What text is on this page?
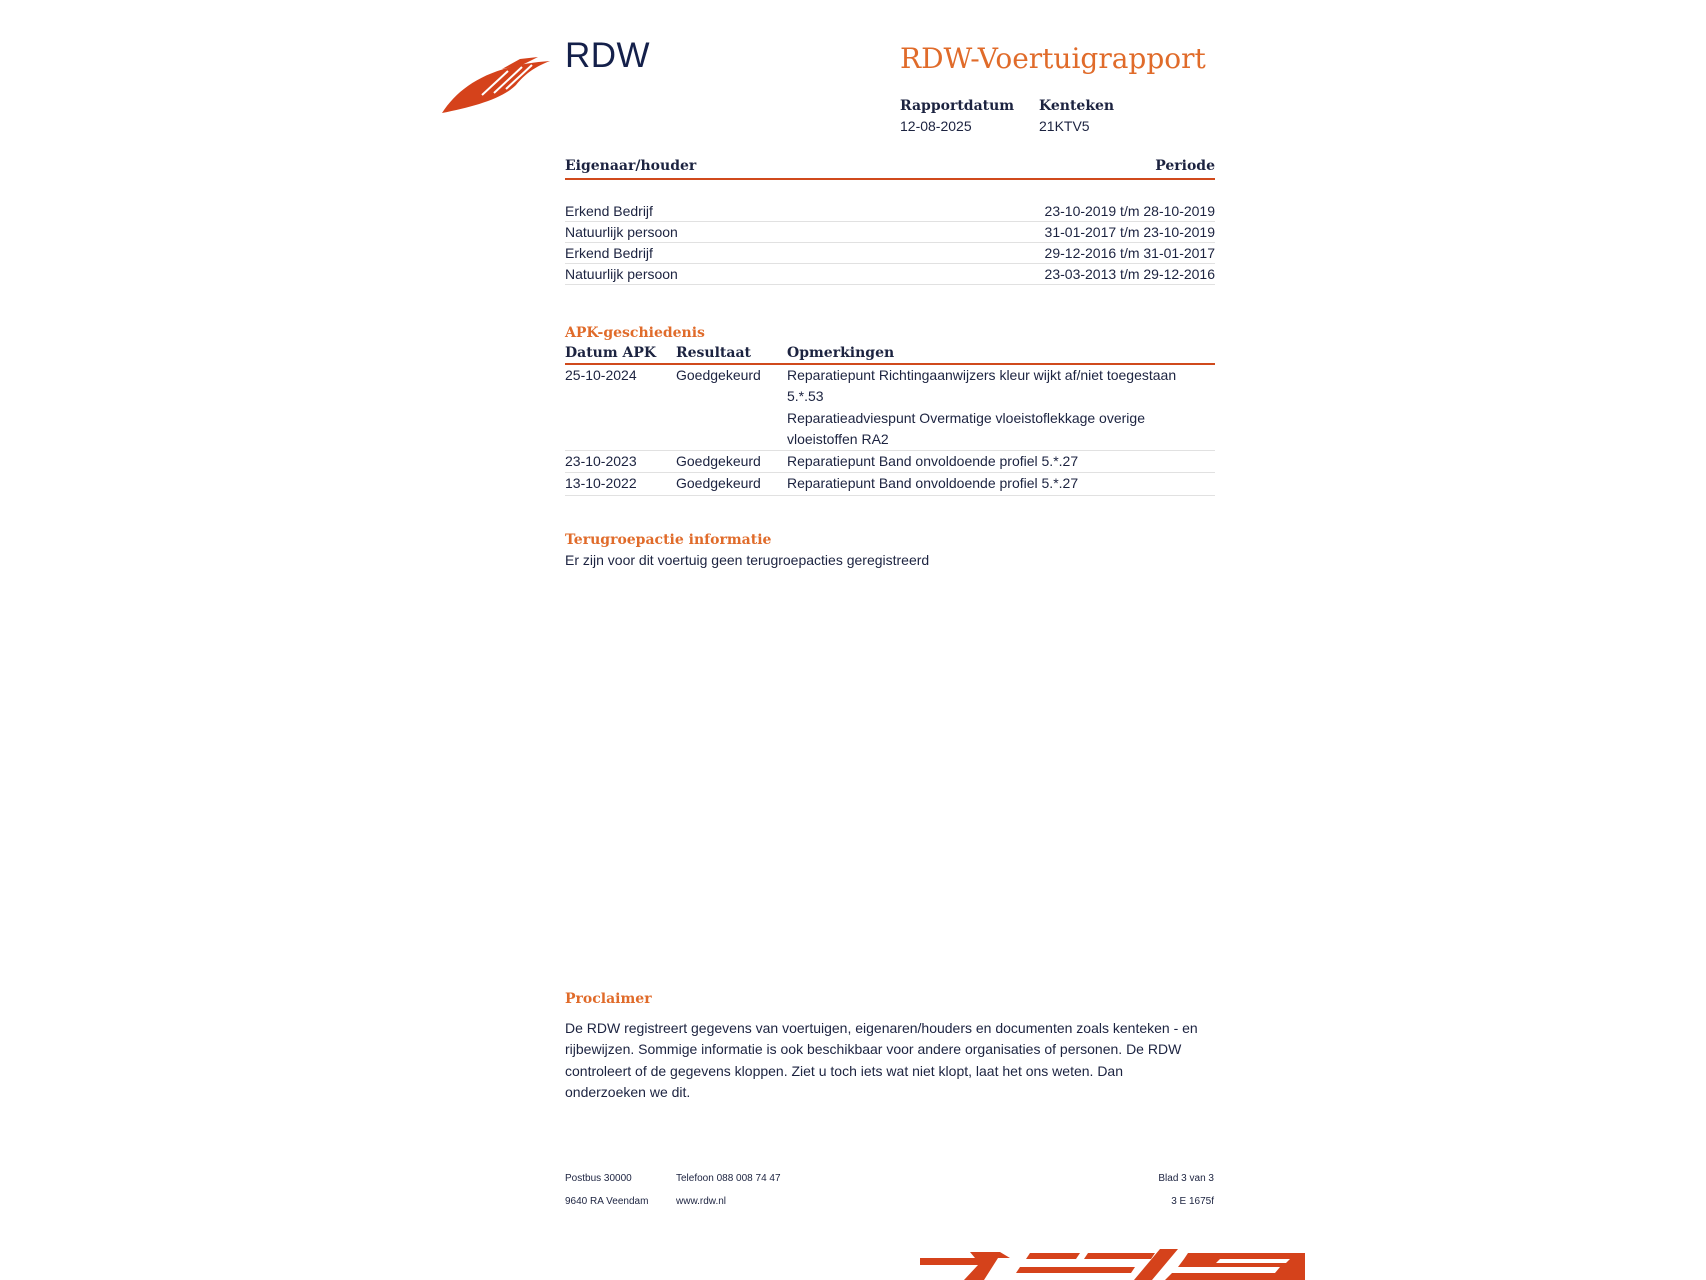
RDW	RDW-Voertuigrapport
Rapportdatum
12-08-2025
Kenteken
21KTV5
Eigenaar/houder	Periode
Erkend Bedrijf	23-10-2019 t/m 28-10-2019
Natuurlijk persoon	31-01-2017 t/m 23-10-2019
Erkend Bedrijf	29-12-2016 t/m 31-01-2017
Natuurlijk persoon	23-03-2013 t/m 29-12-2016
APK-geschiedenis
Datum APK	Resultaat	Opmerkingen
25-10-2024	Goedgekeurd	Reparatiepunt Richtingaanwijzers kleur wijkt af/niet toegestaan 5.*.53
Reparatieadviespunt Overmatige vloeistoflekkage overige vloeistoffen RA2
23-10-2023	Goedgekeurd	Reparatiepunt Band onvoldoende profiel 5.*.27
13-10-2022	Goedgekeurd	Reparatiepunt Band onvoldoende profiel 5.*.27
Terugroepactie informatie
Er zijn voor dit voertuig geen terugroepacties geregistreerd
Proclaimer
De RDW registreert gegevens van voertuigen, eigenaren/houders en documenten zoals kenteken - en rijbewijzen. Sommige informatie is ook beschikbaar voor andere organisaties of personen. De RDW controleert of de gegevens kloppen. Ziet u toch iets wat niet klopt, laat het ons weten. Dan onderzoeken we dit.
Postbus 30000
9640 RA Veendam
Telefoon 088 008 74 47
www.rdw.nl
Blad 3 van 3
3 E 1675f
